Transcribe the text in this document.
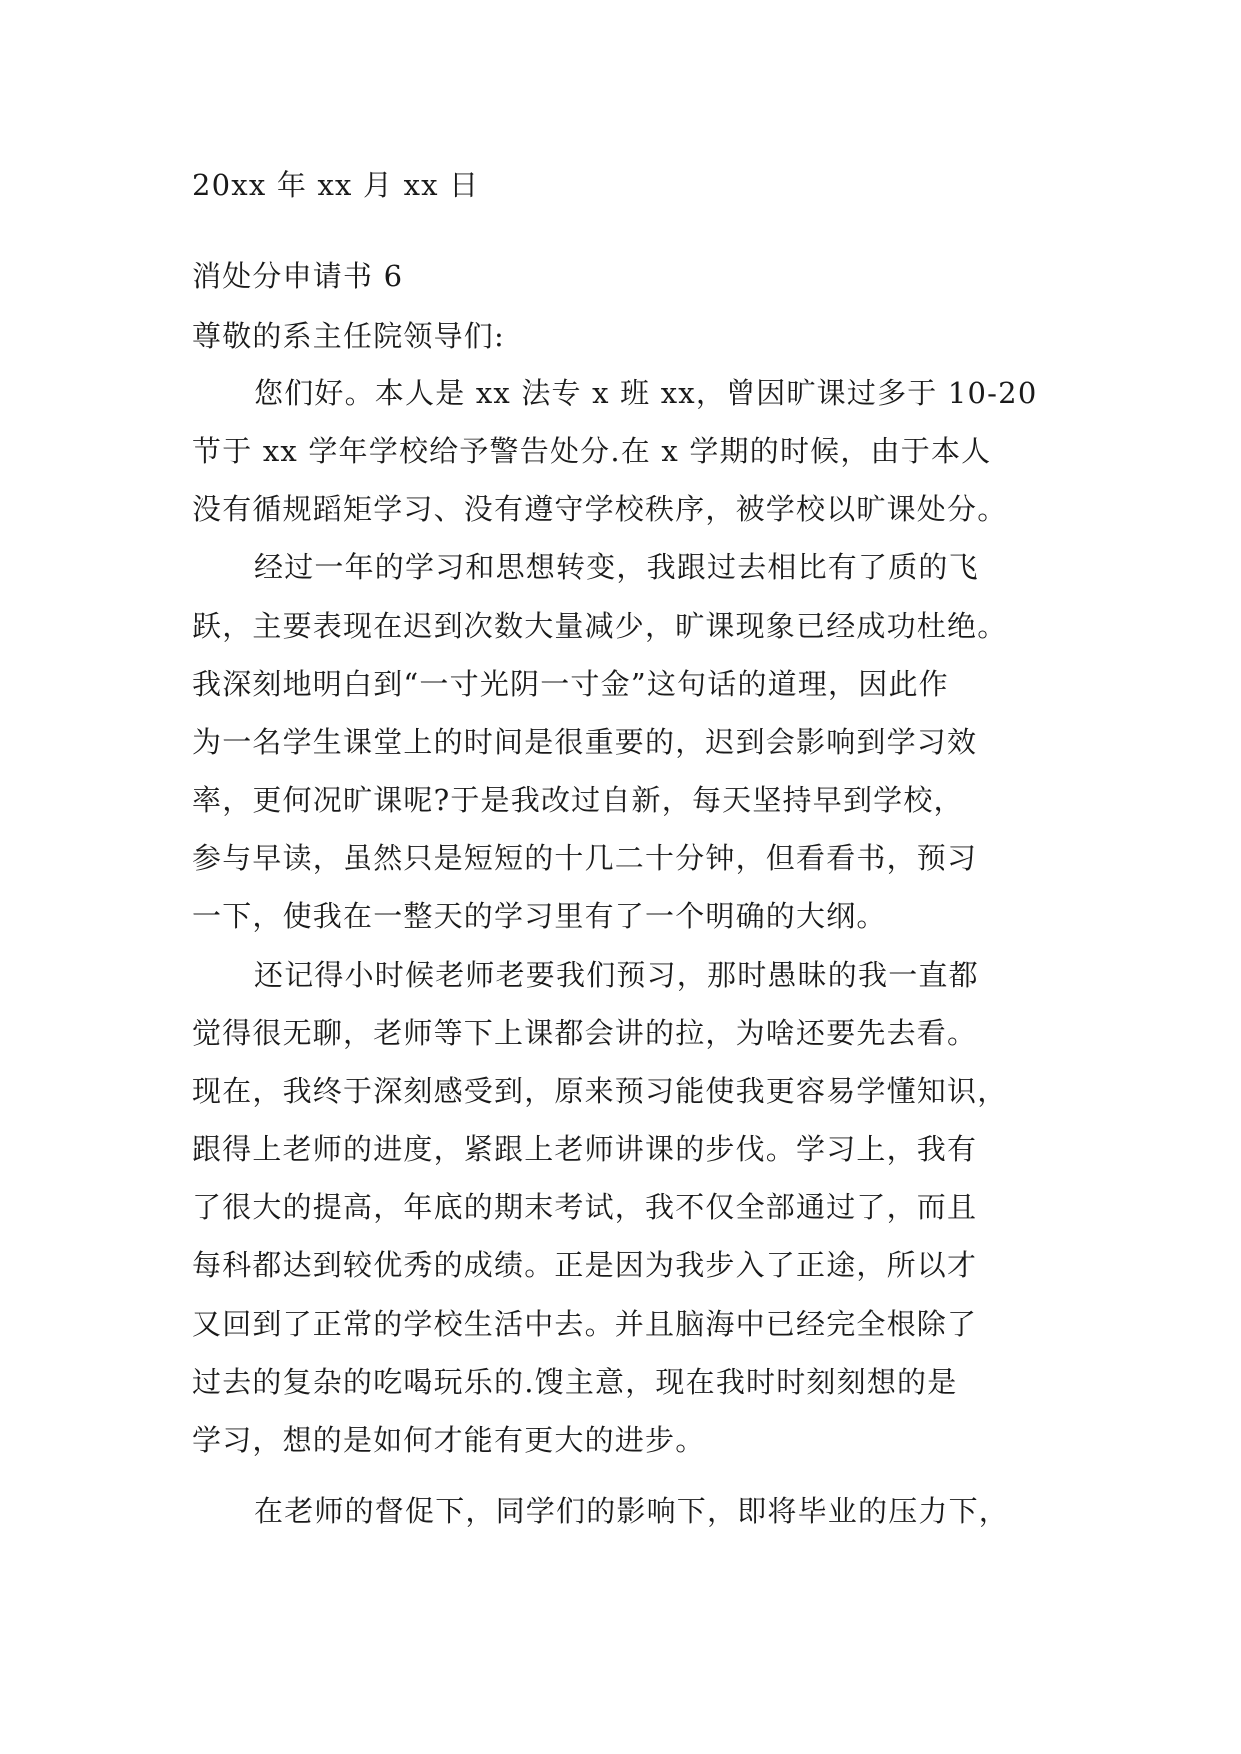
20xx 年 xx 月 xx 日
消处分申请书 6
尊敬的系主任院领导们:
您们好。本人是 xx 法专 x 班 xx，曾因旷课过多于 10-20
节于 xx 学年学校给予警告处分.在 x 学期的时候，由于本人
没有循规蹈矩学习、没有遵守学校秩序，被学校以旷课处分。
经过一年的学习和思想转变，我跟过去相比有了质的飞
跃，主要表现在迟到次数大量减少，旷课现象已经成功杜绝。
我深刻地明白到“一寸光阴一寸金”这句话的道理，因此作
为一名学生课堂上的时间是很重要的，迟到会影响到学习效
率，更何况旷课呢?于是我改过自新，每天坚持早到学校，
参与早读，虽然只是短短的十几二十分钟，但看看书，预习
一下，使我在一整天的学习里有了一个明确的大纲。
还记得小时候老师老要我们预习，那时愚昧的我一直都
觉得很无聊，老师等下上课都会讲的拉，为啥还要先去看。
现在，我终于深刻感受到，原来预习能使我更容易学懂知识，
跟得上老师的进度，紧跟上老师讲课的步伐。学习上，我有
了很大的提高，年底的期末考试，我不仅全部通过了，而且
每科都达到较优秀的成绩。正是因为我步入了正途，所以才
又回到了正常的学校生活中去。并且脑海中已经完全根除了
过去的复杂的吃喝玩乐的.馊主意，现在我时时刻刻想的是
学习，想的是如何才能有更大的进步。
在老师的督促下，同学们的影响下，即将毕业的压力下，
